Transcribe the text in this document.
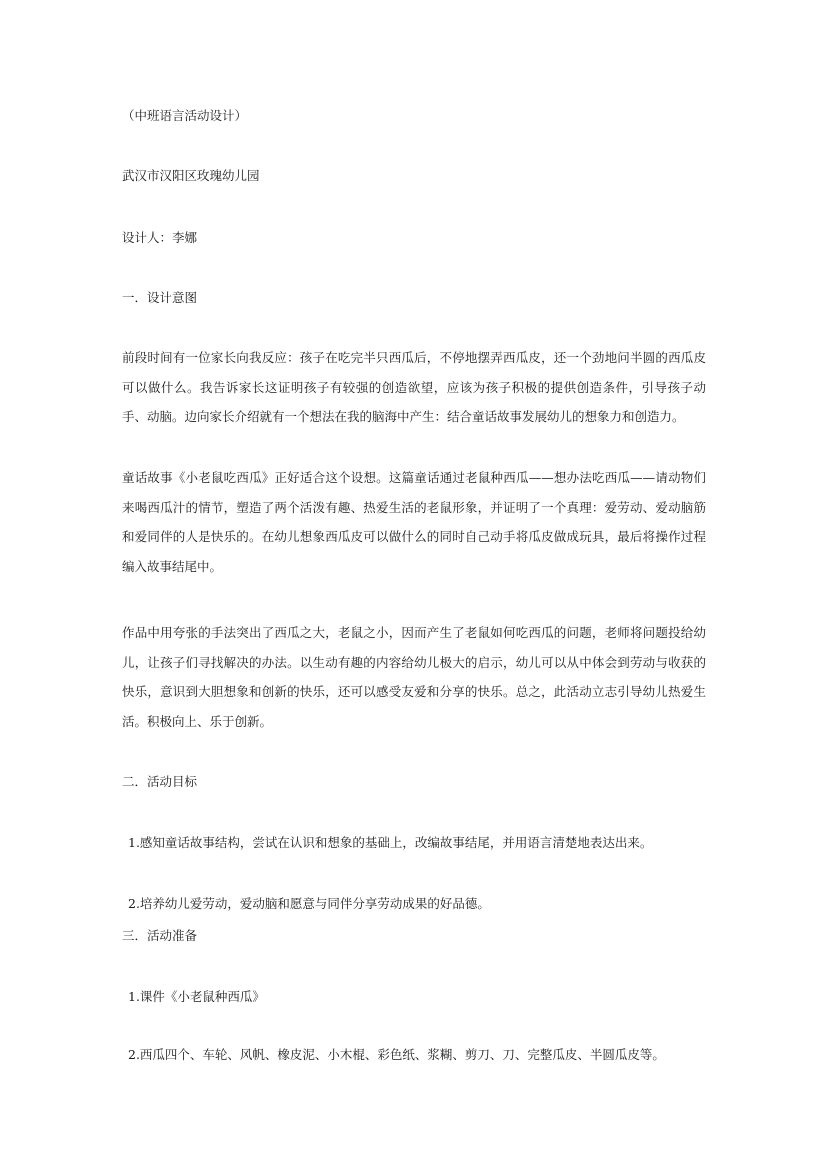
（中班语言活动设计）

武汉市汉阳区玫瑰幼儿园

设计人：李娜

一．设计意图

前段时间有一位家长向我反应：孩子在吃完半只西瓜后，不停地摆弄西瓜皮，还一个劲地问半圆的西瓜皮可以做什么。我告诉家长这证明孩子有较强的创造欲望，应该为孩子积极的提供创造条件，引导孩子动手、动脑。边向家长介绍就有一个想法在我的脑海中产生：结合童话故事发展幼儿的想象力和创造力。

童话故事《小老鼠吃西瓜》正好适合这个设想。这篇童话通过老鼠种西瓜——想办法吃西瓜——请动物们来喝西瓜汁的情节，塑造了两个活泼有趣、热爱生活的老鼠形象，并证明了一个真理：爱劳动、爱动脑筋和爱同伴的人是快乐的。在幼儿想象西瓜皮可以做什么的同时自己动手将瓜皮做成玩具，最后将操作过程编入故事结尾中。

作品中用夸张的手法突出了西瓜之大，老鼠之小，因而产生了老鼠如何吃西瓜的问题，老师将问题投给幼儿，让孩子们寻找解决的办法。以生动有趣的内容给幼儿极大的启示，幼儿可以从中体会到劳动与收获的快乐，意识到大胆想象和创新的快乐，还可以感受友爱和分享的快乐。总之，此活动立志引导幼儿热爱生活。积极向上、乐于创新。

二．活动目标

1.感知童话故事结构，尝试在认识和想象的基础上，改编故事结尾，并用语言清楚地表达出来。

2.培养幼儿爱劳动，爱动脑和愿意与同伴分享劳动成果的好品德。

三．活动准备

1.课件《小老鼠种西瓜》

2.西瓜四个、车轮、风帆、橡皮泥、小木棍、彩色纸、浆糊、剪刀、刀、完整瓜皮、半圆瓜皮等。
